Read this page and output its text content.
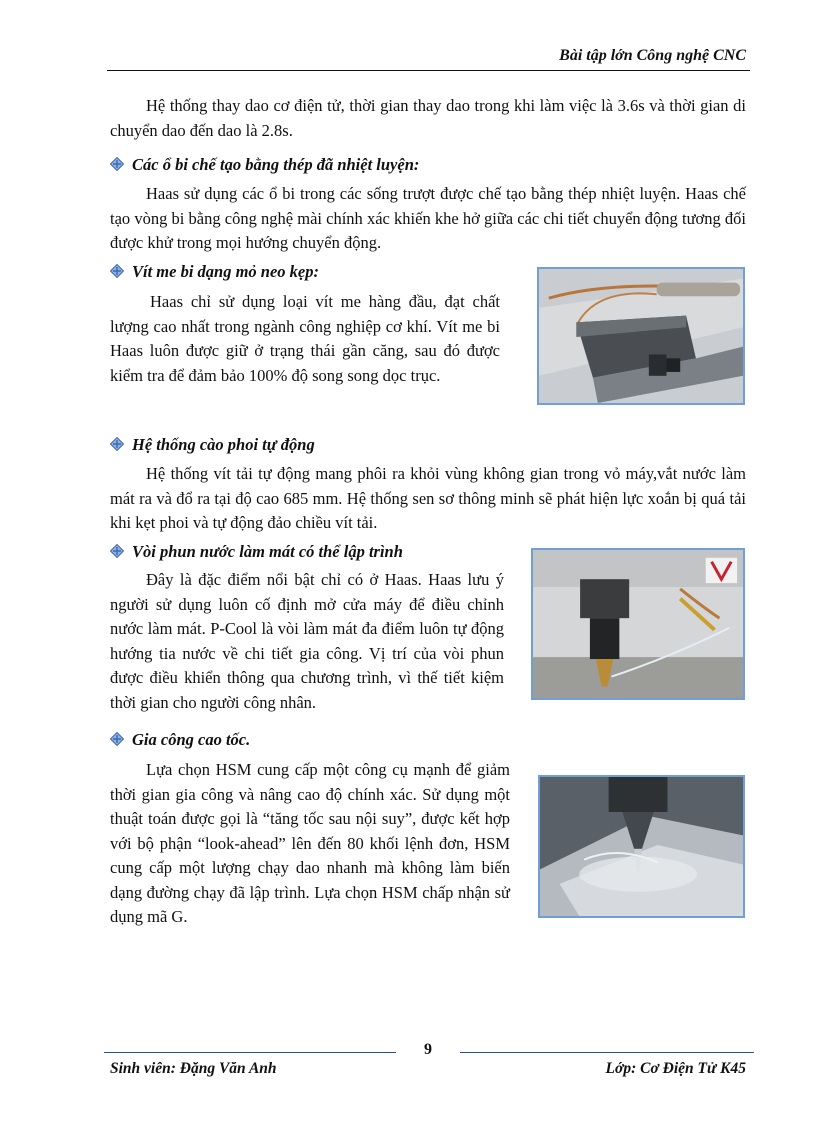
Bài tập lớn Công nghệ CNC

Hệ thống thay dao cơ điện tử, thời gian thay dao trong khi làm việc là 3.6s và thời gian di chuyển dao đến dao là 2.8s.

Các ổ bi chế tạo bằng thép đã nhiệt luyện:

Haas sử dụng các ổ bi trong các sống trượt được chế tạo bằng thép nhiệt luyện. Haas chế tạo vòng bi bằng công nghệ mài chính xác khiến khe hở giữa các chi tiết chuyển động tương đối được khử trong mọi hướng chuyển động.

Vít me bi dạng mỏ neo kẹp:

Haas chỉ sử dụng loại vít me hàng đầu, đạt chất lượng cao nhất trong ngành công nghiệp cơ khí. Vít me bi Haas luôn được giữ ở trạng thái gần căng, sau đó được kiểm tra để đảm bảo 100% độ song song dọc trục.

Hệ thống cào phoi tự động

Hệ thống vít tải tự động mang phôi ra khỏi vùng không gian trong vỏ máy,vắt nước làm mát ra và đổ ra tại độ cao 685 mm. Hệ thống sen sơ thông minh sẽ phát hiện lực xoắn bị quá tải khi kẹt phoi và tự động đảo chiều vít tải.

Vòi phun nước làm mát có thể lập trình

Đây là đặc điểm nổi bật chỉ có ở Haas. Haas lưu ý người sử dụng luôn cố định mở cửa máy để điều chỉnh nước làm mát. P-Cool là vòi làm mát đa điểm luôn tự động hướng tia nước về chi tiết gia công. Vị trí của vòi phun được điều khiển thông qua chương trình, vì thế tiết kiệm thời gian cho người công nhân.

Gia công cao tốc.

Lựa chọn HSM cung cấp một công cụ mạnh để giảm thời gian gia công và nâng cao độ chính xác. Sử dụng một thuật toán được gọi là “tăng tốc sau nội suy”, được kết hợp với bộ phận “look-ahead” lên đến 80 khối lệnh đơn, HSM cung cấp một lượng chạy dao nhanh mà không làm biến dạng đường chạy đã lập trình. Lựa chọn HSM chấp nhận sử dụng mã G.

9
Sinh viên: Đặng Văn Anh	Lớp: Cơ Điện Tử K45
